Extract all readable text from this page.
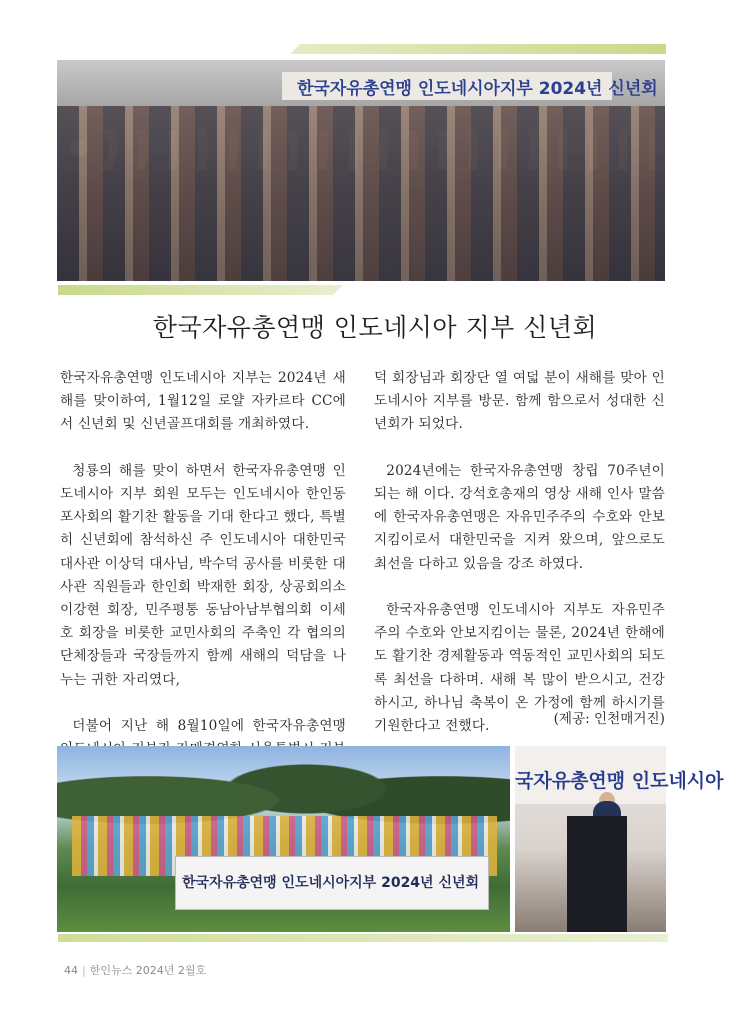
한국자유총연맹 인도네시아지부 2024년 신년회
한국자유총연맹 인도네시아 지부 신년회

한국자유총연맹 인도네시아 지부는 2024년 새해를 맞이하여, 1월12일 로얄 자카르타 CC에서 신년회 및 신년골프대회를 개최하였다.

청룡의 해를 맞이 하면서 한국자유총연맹 인도네시아 지부 회원 모두는 인도네시아 한인동포사회의 활기찬 활동을 기대 한다고 했다, 특별히 신년회에 참석하신 주 인도네시아 대한민국대사관 이상덕 대사님, 박수덕 공사를 비롯한 대사관 직원들과 한인회 박재한 회장, 상공회의소 이강현 회장, 민주평통 동남아남부협의회 이세호 회장을 비롯한 교민사회의 주축인 각 협의의 단체장들과 국장들까지 함께 새해의 덕담을 나누는 귀한 자리였다,

더불어 지난 해 8월10일에 한국자유총연맹

덕 회장님과 회장단 열 여덟 분이 새해를 맞아 인도네시아 지부를 방문. 함께 함으로서 성대한 신년회가 되었다.

2024년에는 한국자유총연맹 창립 70주년이 되는 해 이다. 강석호총재의 영상 새해 인사 말씀에 한국자유총연맹은 자유민주주의 수호와 안보 지킴이로서 대한민국을 지켜 왔으며, 앞으로도 최선을 다하고 있음을 강조 하였다.

한국자유총연맹 인도네시아 지부도 자유민주주의 수호와 안보지킴이는 물론, 2024년 한해에도 활기찬 경제활동과 역동적인 교민사회의 되도록 최선을 다하며. 새해 복 많이 받으시고, 건강하시고, 하나님 축복이 온 가정에 함께 하시기를 기원한다고 전했다.	(제공: 인천매거진)
한국자유총연맹 인도네시아지부 2024년 신년회
국자유총연맹 인도네시아
44 | 한인뉴스 2024년 2월호
